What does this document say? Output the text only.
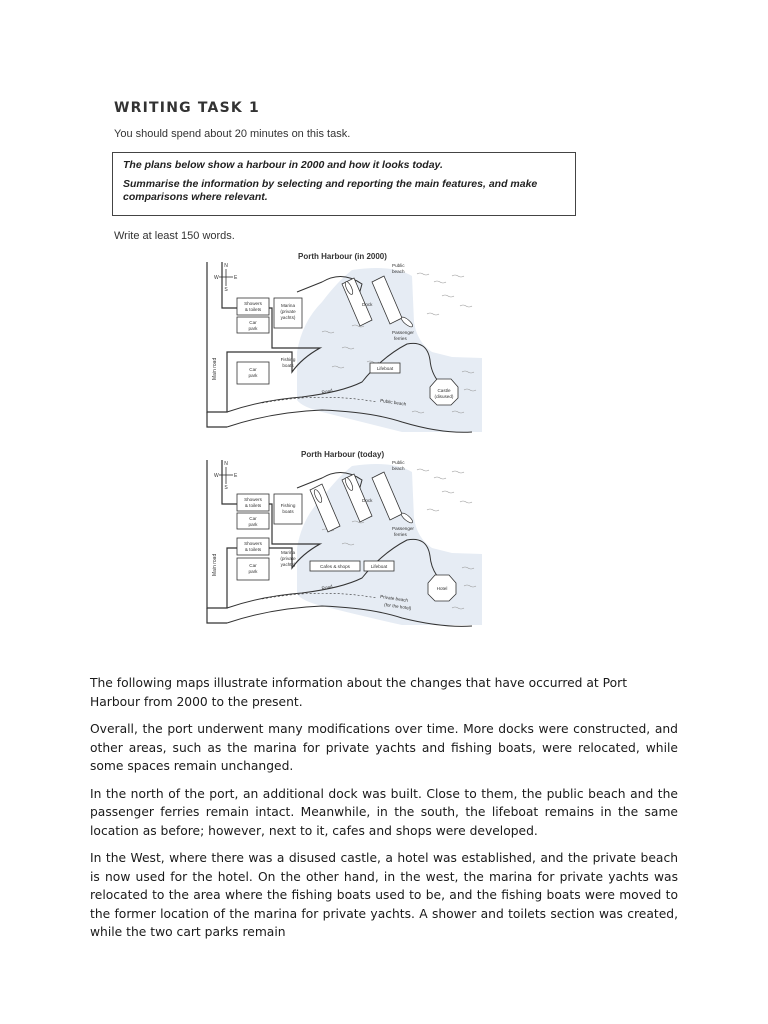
WRITING TASK 1
You should spend about 20 minutes on this task.

The plans below show a harbour in 2000 and how it looks today.

Summarise the information by selecting and reporting the main features, and make comparisons where relevant.

Write at least 150 words.
Porth Harbour (in 2000)
N
W	E
S
Main road
Showers
& toilets
Car
park
Marina
(private
yachts)
Car
park
Fishing
boats
Dock
Public
beach
Passenger
ferries
Lifeboat
Road
Public beach
Castle
(disused)
Porth Harbour (today)
N
W	E
S
Main road
Showers
& toilets
Car
park
Fishing
boats
Showers
& toilets
Car
park
Marina
(private
yachts)	Cafes & shops	Lifeboat
Dock
Public
beach
Passenger
ferries
Road
Private beach
(for the hotel)
Hotel

The following maps illustrate information about the changes that have occurred at Port Harbour from 2000 to the present.

Overall, the port underwent many modifications over time. More docks were constructed, and other areas, such as the marina for private yachts and fishing boats, were relocated, while some spaces remain unchanged.

In the north of the port, an additional dock was built. Close to them, the public beach and the passenger ferries remain intact. Meanwhile, in the south, the lifeboat remains in the same location as before; however, next to it, cafes and shops were developed.

In the West, where there was a disused castle, a hotel was established, and the private beach is now used for the hotel. On the other hand, in the west, the marina for private yachts was relocated to the area where the fishing boats used to be, and the fishing boats were moved to the former location of the marina for private yachts. A shower and toilets section was created, while the two cart parks remain
